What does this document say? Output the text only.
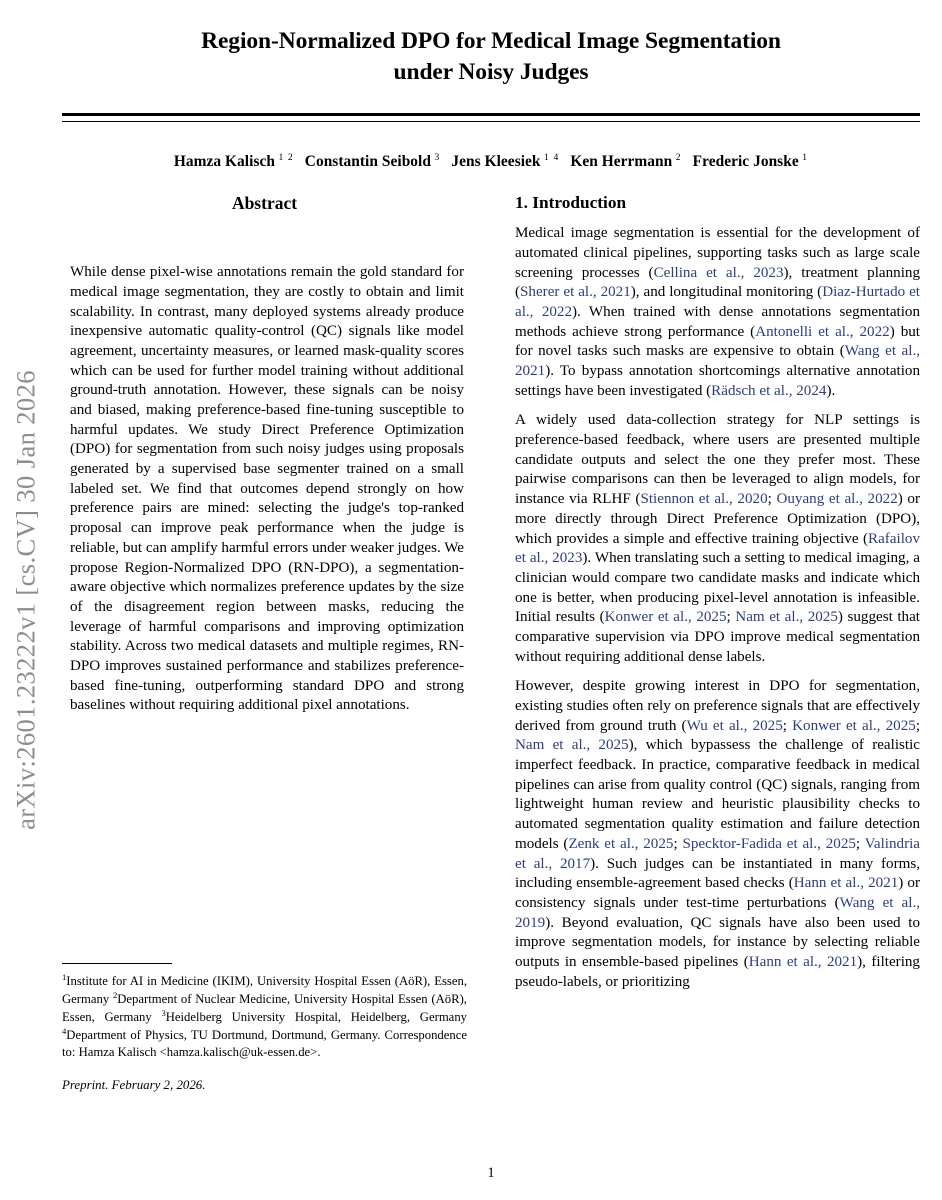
arXiv:2601.23222v1 [cs.CV] 30 Jan 2026
Region-Normalized DPO for Medical Image Segmentation
under Noisy Judges
Hamza Kalisch $^{1 2}$ Constantin Seibold $^3$ Jens Kleesiek $^{1 4}$ Ken Herrmann $^2$ Frederic Jonske $^1$
Abstract
While dense pixel-wise annotations remain the gold standard for medical image segmentation, they are costly to obtain and limit scalability. In contrast, many deployed systems already produce inexpensive automatic quality-control (QC) signals like model agreement, uncertainty measures, or learned mask-quality scores which can be used for further model training without additional ground-truth annotation. However, these signals can be noisy and biased, making preference-based fine-tuning susceptible to harmful updates. We study Direct Preference Optimization (DPO) for segmentation from such noisy judges using proposals generated by a supervised base segmenter trained on a small labeled set. We find that outcomes depend strongly on how preference pairs are mined: selecting the judge's top-ranked proposal can improve peak performance when the judge is reliable, but can amplify harmful errors under weaker judges. We propose Region-Normalized DPO (RN-DPO), a segmentation-aware objective which normalizes preference updates by the size of the disagreement region between masks, reducing the leverage of harmful comparisons and improving optimization stability. Across two medical datasets and multiple regimes, RN-DPO improves sustained performance and stabilizes preference-based fine-tuning, outperforming standard DPO and strong baselines without requiring additional pixel annotations.
$^1$Institute for AI in Medicine (IKIM), University Hospital Essen (AöR), Essen, Germany $^2$Department of Nuclear Medicine, University Hospital Essen (AöR), Essen, Germany $^3$Heidelberg University Hospital, Heidelberg, Germany $^4$Department of Physics, TU Dortmund, Dortmund, Germany. Correspondence to: Hamza Kalisch <hamza.kalisch@uk-essen.de>.
Preprint. February 2, 2026.
1. Introduction

Medical image segmentation is essential for the development of automated clinical pipelines, supporting tasks such as large scale screening processes (Cellina et al., 2023), treatment planning (Sherer et al., 2021), and longitudinal monitoring (Diaz-Hurtado et al., 2022). When trained with dense annotations segmentation methods achieve strong performance (Antonelli et al., 2022) but for novel tasks such masks are expensive to obtain (Wang et al., 2021). To bypass annotation shortcomings alternative annotation settings have been investigated (Rädsch et al., 2024).

A widely used data-collection strategy for NLP settings is preference-based feedback, where users are presented multiple candidate outputs and select the one they prefer most. These pairwise comparisons can then be leveraged to align models, for instance via RLHF (Stiennon et al., 2020; Ouyang et al., 2022) or more directly through Direct Preference Optimization (DPO), which provides a simple and effective training objective (Rafailov et al., 2023). When translating such a setting to medical imaging, a clinician would compare two candidate masks and indicate which one is better, when producing pixel-level annotation is infeasible. Initial results (Konwer et al., 2025; Nam et al., 2025) suggest that comparative supervision via DPO improve medical segmentation without requiring additional dense labels.

However, despite growing interest in DPO for segmentation, existing studies often rely on preference signals that are effectively derived from ground truth (Wu et al., 2025; Konwer et al., 2025; Nam et al., 2025), which bypassess the challenge of realistic imperfect feedback. In practice, comparative feedback in medical pipelines can arise from quality control (QC) signals, ranging from lightweight human review and heuristic plausibility checks to automated segmentation quality estimation and failure detection models (Zenk et al., 2025; Specktor-Fadida et al., 2025; Valindria et al., 2017). Such judges can be instantiated in many forms, including ensemble-agreement based checks (Hann et al., 2021) or consistency signals under test-time perturbations (Wang et al., 2019). Beyond evaluation, QC signals have also been used to improve segmentation models, for instance by selecting reliable outputs in ensemble-based pipelines (Hann et al., 2021), filtering pseudo-labels, or prioritizing

1
